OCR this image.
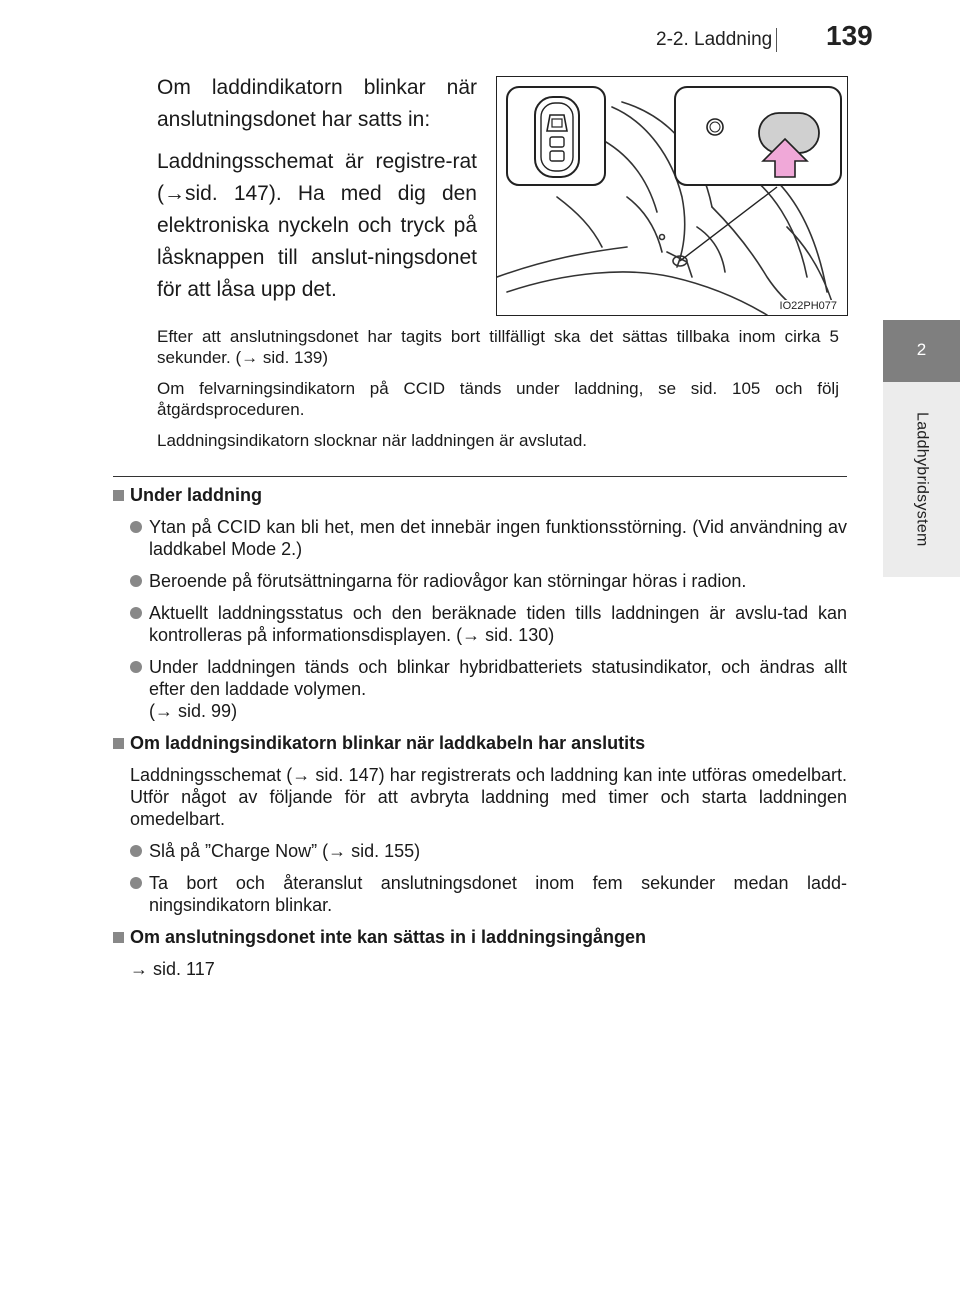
2-2. Laddning 139
2
Laddhybridsystem

Om laddindikatorn blinkar när anslutningsdonet har satts in:

Laddningsschemat är registre-rat (→sid. 147). Ha med dig den elektroniska nyckeln och tryck på låsknappen till anslut-ningsdonet för att låsa upp det.

IO22PH077

Efter att anslutningsdonet har tagits bort tillfälligt ska det sättas tillbaka inom cirka 5 sekunder. (→ sid. 139)

Om felvarningsindikatorn på CCID tänds under laddning, se sid. 105 och följ åtgärdsproceduren.

Laddningsindikatorn slocknar när laddningen är avslutad.

Under laddning
Ytan på CCID kan bli het, men det innebär ingen funktionsstörning. (Vid användning av laddkabel Mode 2.)
Beroende på förutsättningarna för radiovågor kan störningar höras i radion.
Aktuellt laddningsstatus och den beräknade tiden tills laddningen är avslu-tad kan kontrolleras på informationsdisplayen. (→ sid. 130)
Under laddningen tänds och blinkar hybridbatteriets statusindikator, och ändras allt efter den laddade volymen.
(→ sid. 99)
Om laddningsindikatorn blinkar när laddkabeln har anslutits
Laddningsschemat (→ sid. 147) har registrerats och laddning kan inte utföras omedelbart. Utför något av följande för att avbryta laddning med timer och starta laddningen omedelbart.
Slå på ”Charge Now” (→ sid. 155)
Ta bort och återanslut anslutningsdonet inom fem sekunder medan ladd-ningsindikatorn blinkar.
Om anslutningsdonet inte kan sättas in i laddningsingången
→ sid. 117
